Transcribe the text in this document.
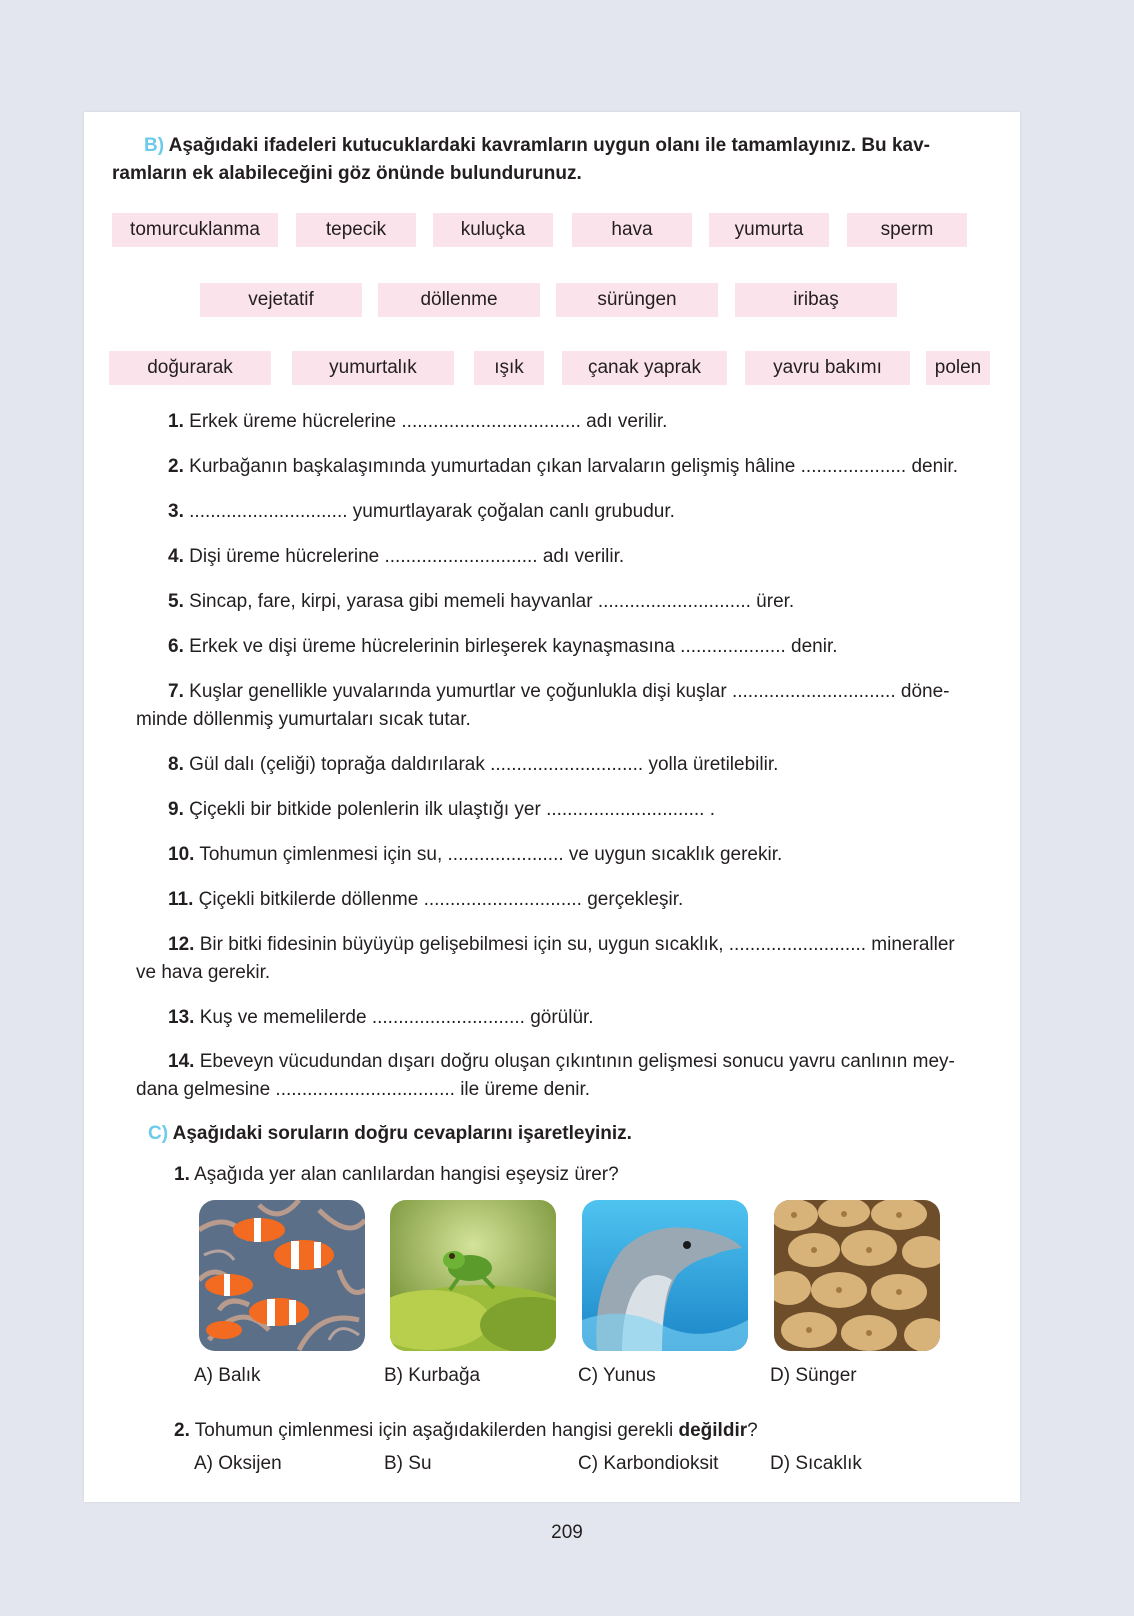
B) Aşağıdaki ifadeleri kutucuklardaki kavramların uygun olanı ile tamamlayınız. Bu kav-
ramların ek alabileceğini göz önünde bulundurunuz.
tomurcuklanma	tepecik	kuluçka	hava	yumurta	sperm
vejetatif	döllenme	sürüngen	iribaş
doğurarak	yumurtalık	ışık	çanak yaprak	yavru bakımı	polen
1. Erkek üreme hücrelerine .................................. adı verilir.
2. Kurbağanın başkalaşımında yumurtadan çıkan larvaların gelişmiş hâline .................... denir.
3. .............................. yumurtlayarak çoğalan canlı grubudur.
4. Dişi üreme hücrelerine ............................. adı verilir.
5. Sincap, fare, kirpi, yarasa gibi memeli hayvanlar ............................. ürer.
6. Erkek ve dişi üreme hücrelerinin birleşerek kaynaşmasına .................... denir.
7. Kuşlar genellikle yuvalarında yumurtlar ve çoğunlukla dişi kuşlar ............................... döne-
minde döllenmiş yumurtaları sıcak tutar.
8. Gül dalı (çeliği) toprağa daldırılarak ............................. yolla üretilebilir.
9. Çiçekli bir bitkide polenlerin ilk ulaştığı yer .............................. .
10. Tohumun çimlenmesi için su, ...................... ve uygun sıcaklık gerekir.
11. Çiçekli bitkilerde döllenme .............................. gerçekleşir.
12. Bir bitki fidesinin büyüyüp gelişebilmesi için su, uygun sıcaklık, .......................... mineraller
ve hava gerekir.
13. Kuş ve memelilerde ............................. görülür.
14. Ebeveyn vücudundan dışarı doğru oluşan çıkıntının gelişmesi sonucu yavru canlının mey-
dana gelmesine .................................. ile üreme denir.
C) Aşağıdaki soruların doğru cevaplarını işaretleyiniz.
1. Aşağıda yer alan canlılardan hangisi eşeysiz ürer?
A) Balık	B) Kurbağa	C) Yunus	D) Sünger
2. Tohumun çimlenmesi için aşağıdakilerden hangisi gerekli değildir?
A) Oksijen	B) Su	C) Karbondioksit	D) Sıcaklık
209
